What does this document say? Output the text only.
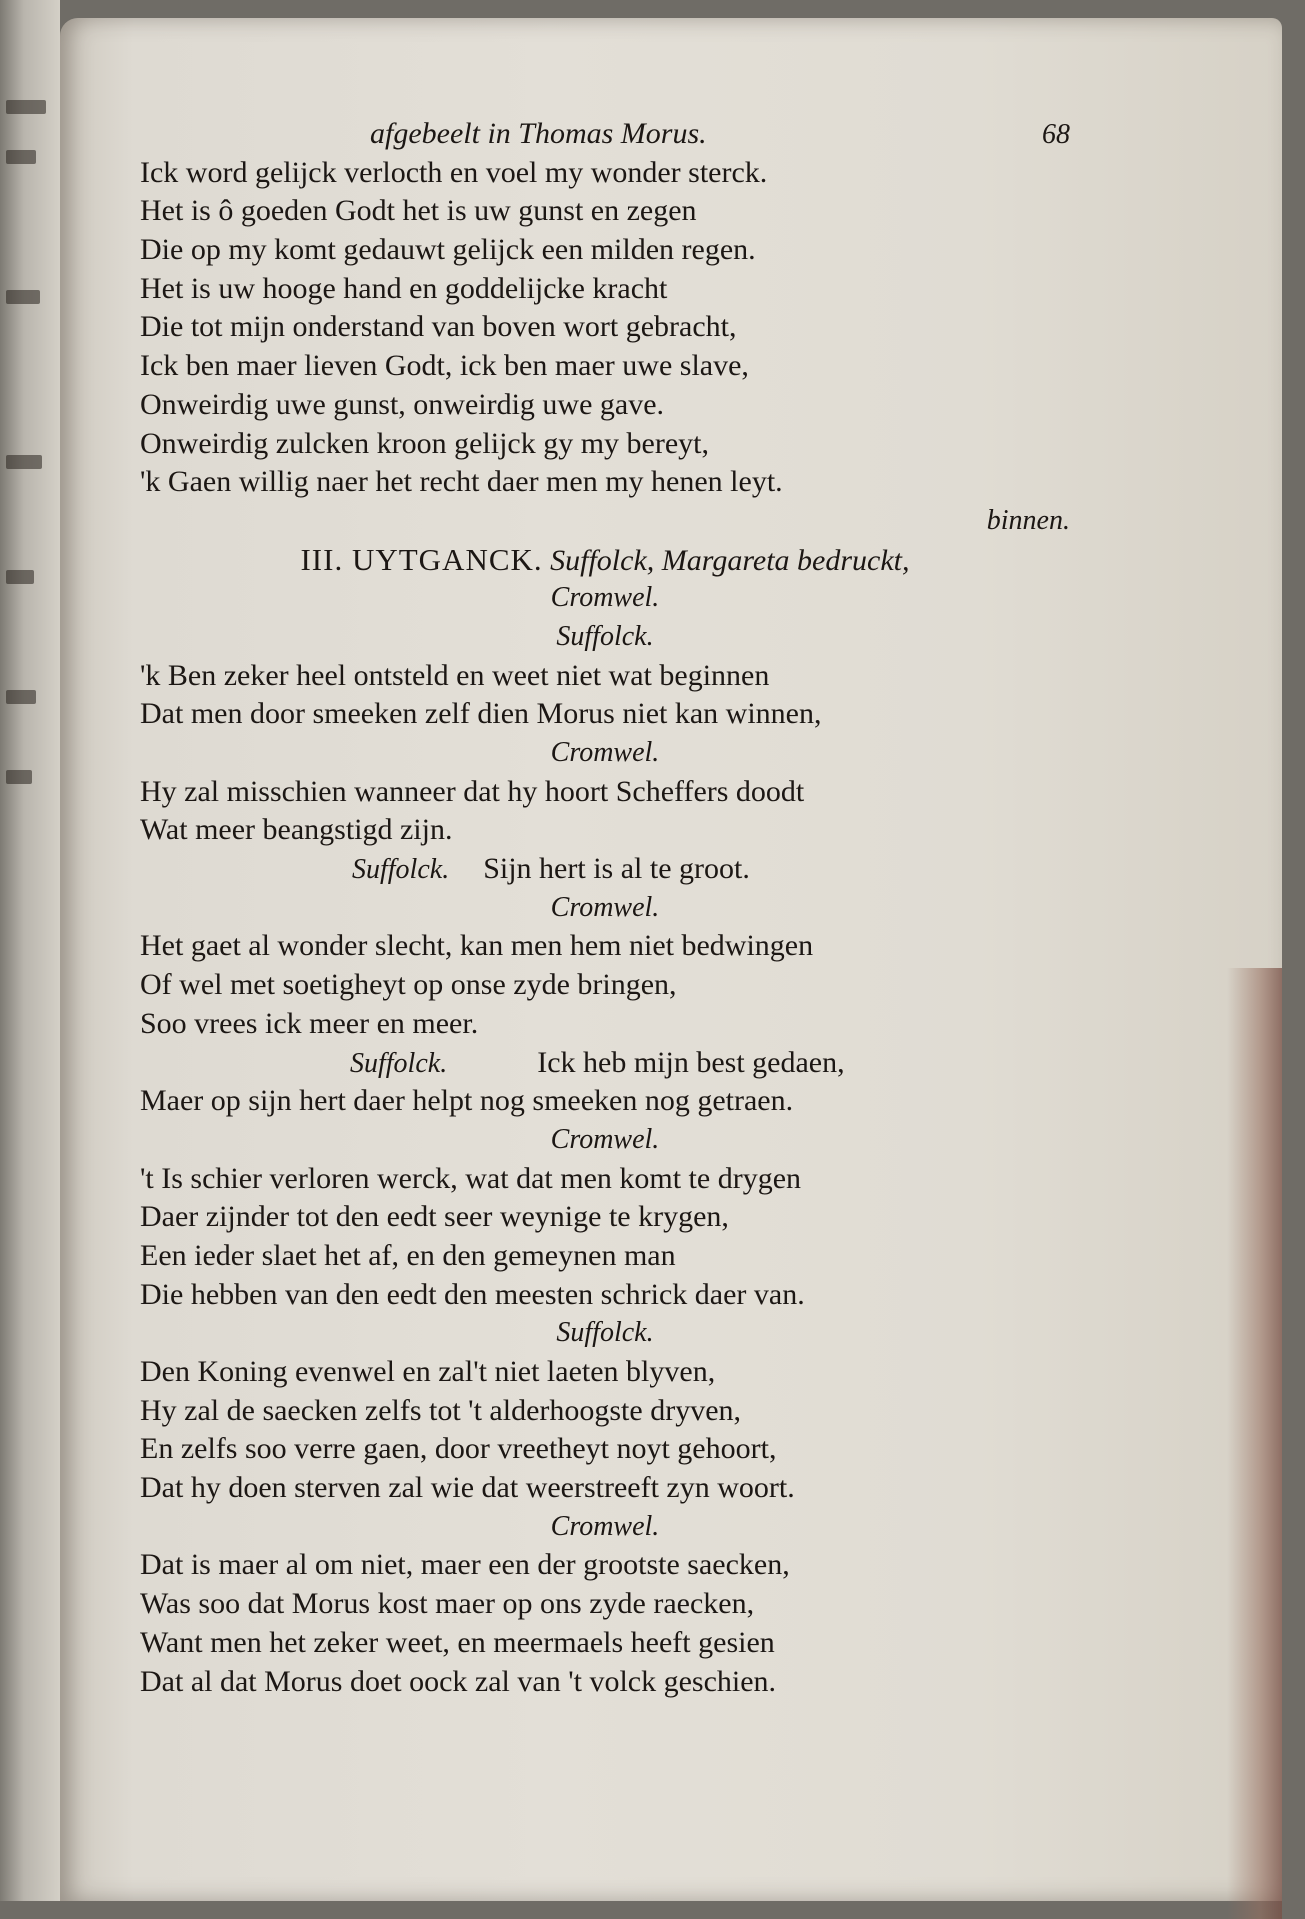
afgebeelt in Thomas Morus.	68
Ick word gelijck verlocth en voel my wonder sterck.
Het is ô goeden Godt het is uw gunst en zegen
Die op my komt gedauwt gelijck een milden regen.
Het is uw hooge hand en goddelijcke kracht
Die tot mijn onderstand van boven wort gebracht,
Ick ben maer lieven Godt, ick ben maer uwe slave,
Onweirdig uwe gunst, onweirdig uwe gave.
Onweirdig zulcken kroon gelijck gy my bereyt,
'k Gaen willig naer het recht daer men my henen leyt.
binnen.
III. UYTGANCK.
Suffolck, Margareta bedruckt,
Cromwel.
Suffolck.
'k Ben zeker heel ontsteld en weet niet wat beginnen
Dat men door smeeken zelf dien Morus niet kan winnen,
Cromwel.
Hy zal misschien wanneer dat hy hoort Scheffers doodt
Wat meer beangstigd zijn.
Suffolck. Sijn hert is al te groot.
Cromwel.
Het gaet al wonder slecht, kan men hem niet bedwingen
Of wel met soetigheyt op onse zyde bringen,
Soo vrees ick meer en meer.
Suffolck.	Ick heb mijn best gedaen,
Maer op sijn hert daer helpt nog smeeken nog getraen.
Cromwel.
't Is schier verloren werck, wat dat men komt te drygen
Daer zijnder tot den eedt seer weynige te krygen,
Een ieder slaet het af, en den gemeynen man
Die hebben van den eedt den meesten schrick daer van.
Suffolck.
Den Koning evenwel en zal't niet laeten blyven,
Hy zal de saecken zelfs tot 't alderhoogste dryven,
En zelfs soo verre gaen, door vreetheyt noyt gehoort,
Dat hy doen sterven zal wie dat weerstreeft zyn woort.
Cromwel.
Dat is maer al om niet, maer een der grootste saecken,
Was soo dat Morus kost maer op ons zyde raecken,
Want men het zeker weet, en meermaels heeft gesien
Dat al dat Morus doet oock zal van 't volck geschien.
